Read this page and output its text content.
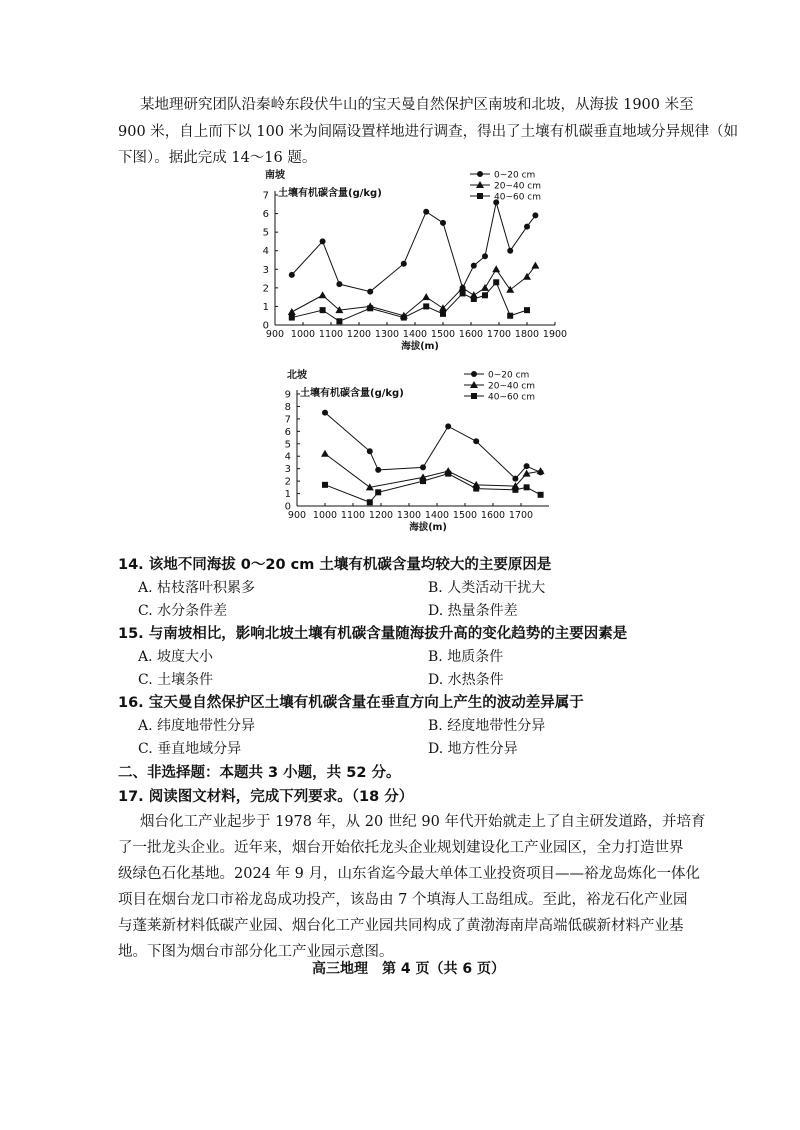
某地理研究团队沿秦岭东段伏牛山的宝天曼自然保护区南坡和北坡，从海拔 1900 米至
900 米，自上而下以 100 米为间隔设置样地进行调查，得出了土壤有机碳垂直地域分异规律（如
下图）。据此完成 14～16 题。
南坡
土壤有机碳含量(g/kg)
海拔(m)
0
1
2
3
4
5
6
7
900 1000 1100 1200 1300 1400 1500 1600 1700 1800 1900
0~20 cm
20~40 cm
40~60 cm
北坡
土壤有机碳含量(g/kg)
海拔(m)
0
1
2
3
4
5
6
7
8
9
900 1000 1100 1200 1300 1400 1500 1600 1700
0~20 cm
20~40 cm
40~60 cm
14. 该地不同海拔 0～20 cm 土壤有机碳含量均较大的主要原因是
A. 枯枝落叶积累多	B. 人类活动干扰大
C. 水分条件差	D. 热量条件差
15. 与南坡相比，影响北坡土壤有机碳含量随海拔升高的变化趋势的主要因素是
A. 坡度大小	B. 地质条件
C. 土壤条件	D. 水热条件
16. 宝天曼自然保护区土壤有机碳含量在垂直方向上产生的波动差异属于
A. 纬度地带性分异	B. 经度地带性分异
C. 垂直地域分异	D. 地方性分异
二、非选择题：本题共 3 小题，共 52 分。
17. 阅读图文材料，完成下列要求。（18 分）
烟台化工产业起步于 1978 年，从 20 世纪 90 年代开始就走上了自主研发道路，并培育
了一批龙头企业。近年来，烟台开始依托龙头企业规划建设化工产业园区，全力打造世界
级绿色石化基地。2024 年 9 月，山东省迄今最大单体工业投资项目——裕龙岛炼化一体化
项目在烟台龙口市裕龙岛成功投产，该岛由 7 个填海人工岛组成。至此，裕龙石化产业园
与蓬莱新材料低碳产业园、烟台化工产业园共同构成了黄渤海南岸高端低碳新材料产业基
地。下图为烟台市部分化工产业园示意图。
高三地理　第 4 页（共 6 页）
